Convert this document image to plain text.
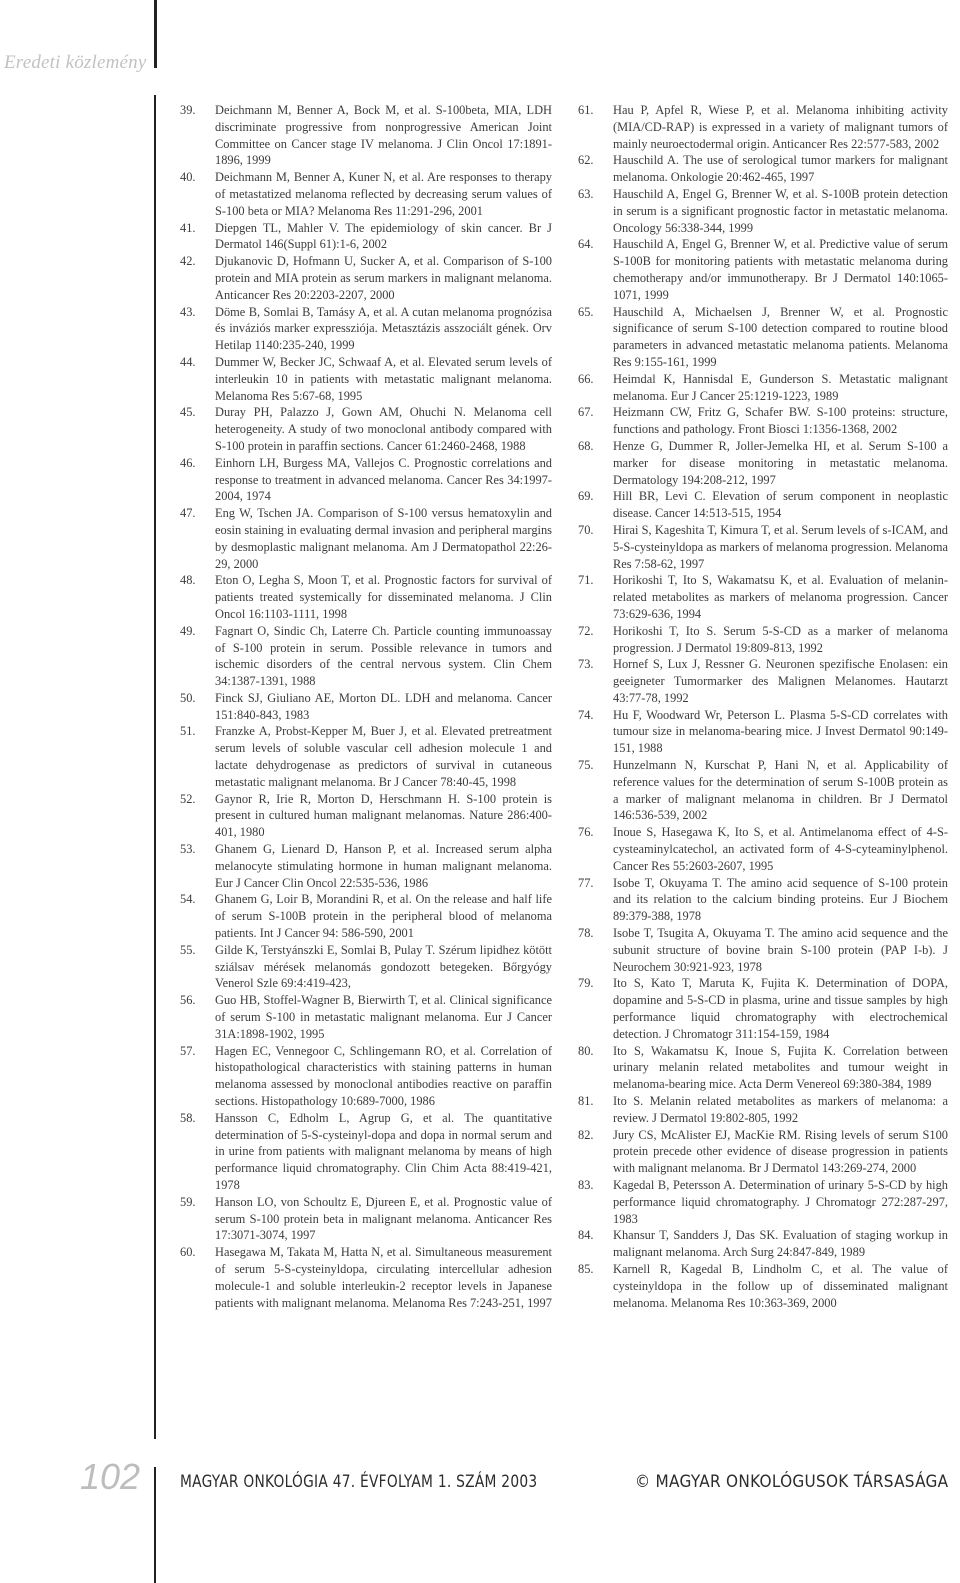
Eredeti közlemény
39.	Deichmann M, Benner A, Bock M, et al. S-100beta, MIA, LDH discriminate progressive from nonprogressive American Joint Committee on Cancer stage IV melanoma. J Clin Oncol 17:1891-1896, 1999
40.	Deichmann M, Benner A, Kuner N, et al. Are responses to therapy of metastatized melanoma reflected by decreasing serum values of S-100 beta or MIA? Melanoma Res 11:291-296, 2001
41.	Diepgen TL, Mahler V. The epidemiology of skin cancer. Br J Dermatol 146(Suppl 61):1-6, 2002
42.	Djukanovic D, Hofmann U, Sucker A, et al. Comparison of S-100 protein and MIA protein as serum markers in malignant melanoma. Anticancer Res 20:2203-2207, 2000
43.	Döme B, Somlai B, Tamásy A, et al. A cutan melanoma prognózisa és inváziós marker expressziója. Metasztázis asszociált gének. Orv Hetilap 1140:235-240, 1999
44.	Dummer W, Becker JC, Schwaaf A, et al. Elevated serum levels of interleukin 10 in patients with metastatic malignant melanoma. Melanoma Res 5:67-68, 1995
45.	Duray PH, Palazzo J, Gown AM, Ohuchi N. Melanoma cell heterogeneity. A study of two monoclonal antibody compared with S-100 protein in paraffin sections. Cancer 61:2460-2468, 1988
46.	Einhorn LH, Burgess MA, Vallejos C. Prognostic correlations and response to treatment in advanced melanoma. Cancer Res 34:1997-2004, 1974
47.	Eng W, Tschen JA. Comparison of S-100 versus hematoxylin and eosin staining in evaluating dermal invasion and peripheral margins by desmoplastic malignant melanoma. Am J Dermatopathol 22:26-29, 2000
48.	Eton O, Legha S, Moon T, et al. Prognostic factors for survival of patients treated systemically for disseminated melanoma. J Clin Oncol 16:1103-1111, 1998
49.	Fagnart O, Sindic Ch, Laterre Ch. Particle counting immunoassay of S-100 protein in serum. Possible relevance in tumors and ischemic disorders of the central nervous system. Clin Chem 34:1387-1391, 1988
50.	Finck SJ, Giuliano AE, Morton DL. LDH and melanoma. Cancer 151:840-843, 1983
51.	Franzke A, Probst-Kepper M, Buer J, et al. Elevated pretreatment serum levels of soluble vascular cell adhesion molecule 1 and lactate dehydrogenase as predictors of survival in cutaneous metastatic malignant melanoma. Br J Cancer 78:40-45, 1998
52.	Gaynor R, Irie R, Morton D, Herschmann H. S-100 protein is present in cultured human malignant melanomas. Nature 286:400-401, 1980
53.	Ghanem G, Lienard D, Hanson P, et al. Increased serum alpha melanocyte stimulating hormone in human malignant melanoma. Eur J Cancer Clin Oncol 22:535-536, 1986
54.	Ghanem G, Loir B, Morandini R, et al. On the release and half life of serum S-100B protein in the peripheral blood of melanoma patients. Int J Cancer 94: 586-590, 2001
55.	Gilde K, Terstyánszki E, Somlai B, Pulay T. Szérum lipidhez kötött sziálsav mérések melanomás gondozott betegeken. Bőrgyógy Venerol Szle 69:4:419-423,
56.	Guo HB, Stoffel-Wagner B, Bierwirth T, et al. Clinical significance of serum S-100 in metastatic malignant melanoma. Eur J Cancer 31A:1898-1902, 1995
57.	Hagen EC, Vennegoor C, Schlingemann RO, et al. Correlation of histopathological characteristics with staining patterns in human melanoma assessed by monoclonal antibodies reactive on paraffin sections. Histopathology 10:689-7000, 1986
58.	Hansson C, Edholm L, Agrup G, et al. The quantitative determination of 5-S-cysteinyl-dopa and dopa in normal serum and in urine from patients with malignant melanoma by means of high performance liquid chromatography. Clin Chim Acta 88:419-421, 1978
59.	Hanson LO, von Schoultz E, Djureen E, et al. Prognostic value of serum S-100 protein beta in malignant melanoma. Anticancer Res 17:3071-3074, 1997
60.	Hasegawa M, Takata M, Hatta N, et al. Simultaneous measurement of serum 5-S-cysteinyldopa, circulating intercellular adhesion molecule-1 and soluble interleukin-2 receptor levels in Japanese patients with malignant melanoma. Melanoma Res 7:243-251, 1997
61.	Hau P, Apfel R, Wiese P, et al. Melanoma inhibiting activity (MIA/CD-RAP) is expressed in a variety of malignant tumors of mainly neuroectodermal origin. Anticancer Res 22:577-583, 2002
62.	Hauschild A. The use of serological tumor markers for malignant melanoma. Onkologie 20:462-465, 1997
63.	Hauschild A, Engel G, Brenner W, et al. S-100B protein detection in serum is a significant prognostic factor in metastatic melanoma. Oncology 56:338-344, 1999
64.	Hauschild A, Engel G, Brenner W, et al. Predictive value of serum S-100B for monitoring patients with metastatic melanoma during chemotherapy and/or immunotherapy. Br J Dermatol 140:1065-1071, 1999
65.	Hauschild A, Michaelsen J, Brenner W, et al. Prognostic significance of serum S-100 detection compared to routine blood parameters in advanced metastatic melanoma patients. Melanoma Res 9:155-161, 1999
66.	Heimdal K, Hannisdal E, Gunderson S. Metastatic malignant melanoma. Eur J Cancer 25:1219-1223, 1989
67.	Heizmann CW, Fritz G, Schafer BW. S-100 proteins: structure, functions and pathology. Front Biosci 1:1356-1368, 2002
68.	Henze G, Dummer R, Joller-Jemelka HI, et al. Serum S-100 a marker for disease monitoring in metastatic melanoma. Dermatology 194:208-212, 1997
69.	Hill BR, Levi C. Elevation of serum component in neoplastic disease. Cancer 14:513-515, 1954
70.	Hirai S, Kageshita T, Kimura T, et al. Serum levels of s-ICAM, and 5-S-cysteinyldopa as markers of melanoma progression. Melanoma Res 7:58-62, 1997
71.	Horikoshi T, Ito S, Wakamatsu K, et al. Evaluation of melanin-related metabolites as markers of melanoma progression. Cancer 73:629-636, 1994
72.	Horikoshi T, Ito S. Serum 5-S-CD as a marker of melanoma progression. J Dermatol 19:809-813, 1992
73.	Hornef S, Lux J, Ressner G. Neuronen spezifische Enolasen: ein geeigneter Tumormarker des Malignen Melanomes. Hautarzt 43:77-78, 1992
74.	Hu F, Woodward Wr, Peterson L. Plasma 5-S-CD correlates with tumour size in melanoma-bearing mice. J Invest Dermatol 90:149-151, 1988
75.	Hunzelmann N, Kurschat P, Hani N, et al. Applicability of reference values for the determination of serum S-100B protein as a marker of malignant melanoma in children. Br J Dermatol 146:536-539, 2002
76.	Inoue S, Hasegawa K, Ito S, et al. Antimelanoma effect of 4-S-cysteaminylcatechol, an activated form of 4-S-cyteaminylphenol. Cancer Res 55:2603-2607, 1995
77.	Isobe T, Okuyama T. The amino acid sequence of S-100 protein and its relation to the calcium binding proteins. Eur J Biochem 89:379-388, 1978
78.	Isobe T, Tsugita A, Okuyama T. The amino acid sequence and the subunit structure of bovine brain S-100 protein (PAP I-b). J Neurochem 30:921-923, 1978
79.	Ito S, Kato T, Maruta K, Fujita K. Determination of DOPA, dopamine and 5-S-CD in plasma, urine and tissue samples by high performance liquid chromatography with electrochemical detection. J Chromatogr 311:154-159, 1984
80.	Ito S, Wakamatsu K, Inoue S, Fujita K. Correlation between urinary melanin related metabolites and tumour weight in melanoma-bearing mice. Acta Derm Venereol 69:380-384, 1989
81.	Ito S. Melanin related metabolites as markers of melanoma: a review. J Dermatol 19:802-805, 1992
82.	Jury CS, McAlister EJ, MacKie RM. Rising levels of serum S100 protein precede other evidence of disease progression in patients with malignant melanoma. Br J Dermatol 143:269-274, 2000
83.	Kagedal B, Petersson A. Determination of urinary 5-S-CD by high performance liquid chromatography. J Chromatogr 272:287-297, 1983
84.	Khansur T, Sandders J, Das SK. Evaluation of staging workup in malignant melanoma. Arch Surg 24:847-849, 1989
85.	Karnell R, Kagedal B, Lindholm C, et al. The value of cysteinyldopa in the follow up of disseminated malignant melanoma. Melanoma Res 10:363-369, 2000
102 MAGYAR ONKOLÓGIA 47. ÉVFOLYAM 1. SZÁM 2003	© MAGYAR ONKOLÓGUSOK TÁRSASÁGA
